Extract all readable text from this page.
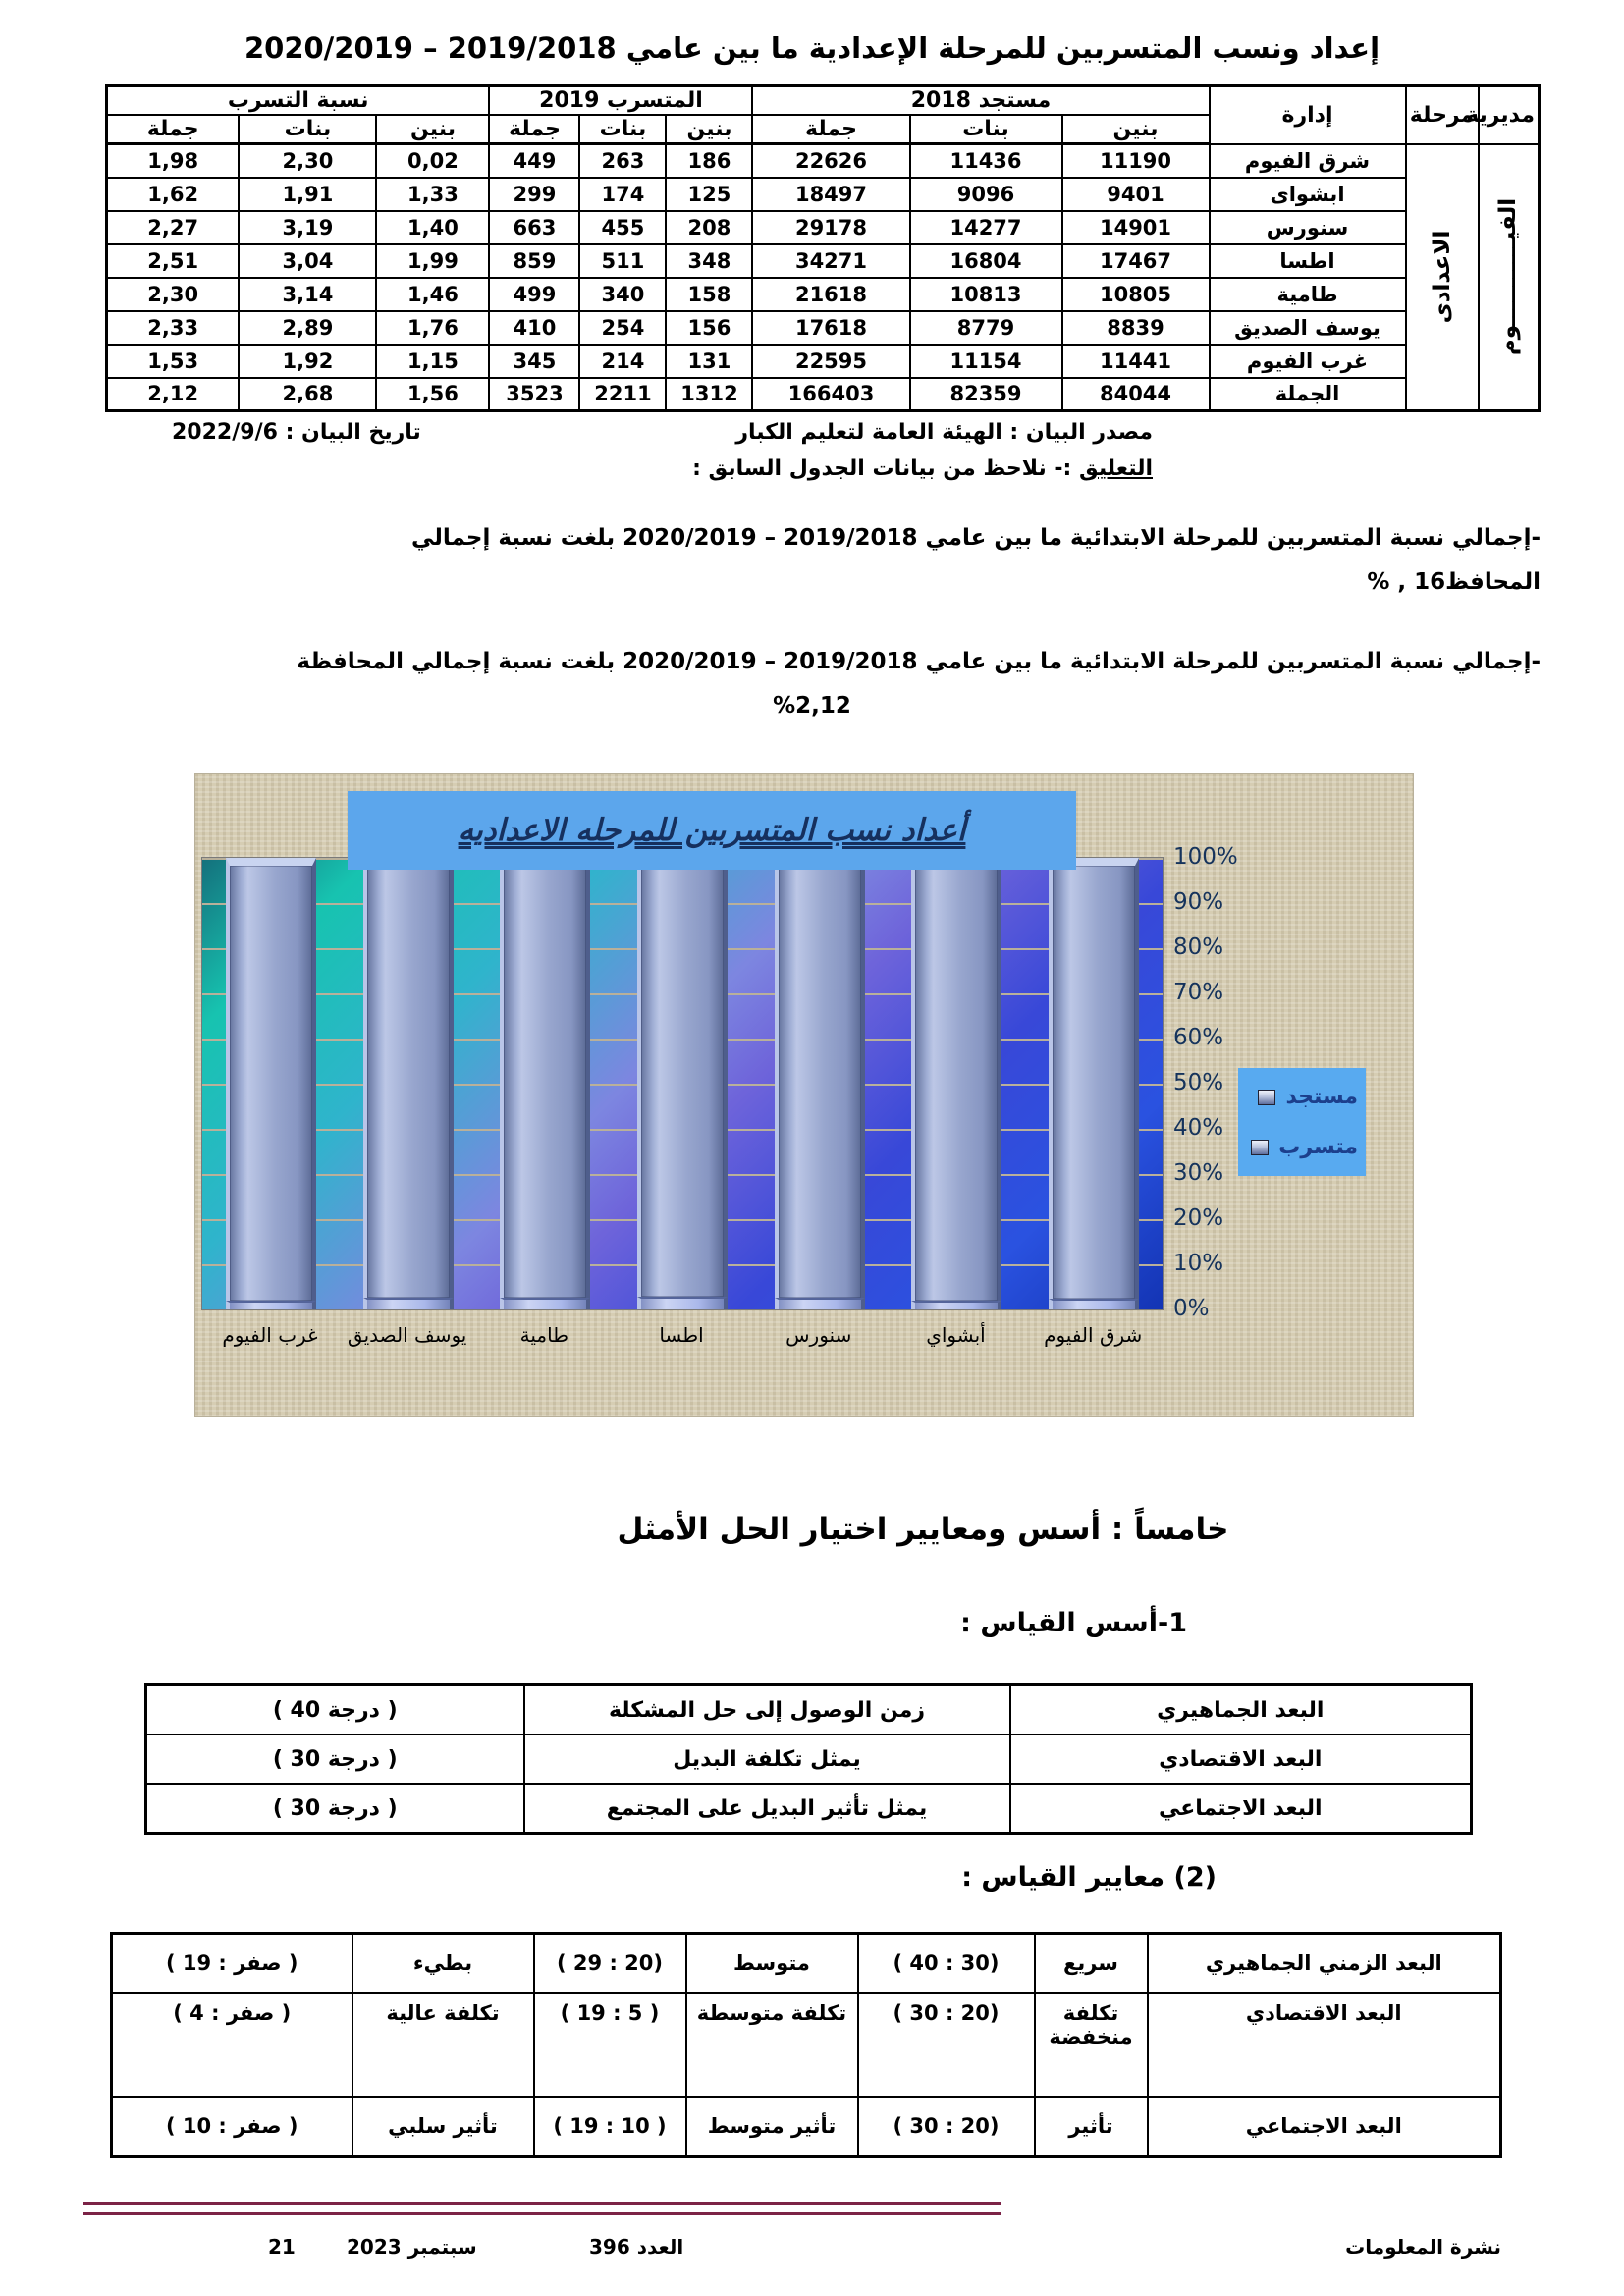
إعداد ونسب المتسربين للمرحلة الإعدادية ما بين عامي 2019/2018 – 2020/2019
مديرية	مرحلة	إدارة	مستجد 2018			المتسرب 2019			نسبة التسرب		
			بنين	بنات	جملة	بنين	بنات	جملة	بنين	بنات	جملة

الفيـــــــــــوم	الاعدادى	شرق الفيوم	11190	11436	22626	186	263	449	0,02	2,30	1,98
		ابشواى	9401	9096	18497	125	174	299	1,33	1,91	1,62
		سنورس	14901	14277	29178	208	455	663	1,40	3,19	2,27
		اطسا	17467	16804	34271	348	511	859	1,99	3,04	2,51
		طامية	10805	10813	21618	158	340	499	1,46	3,14	2,30
		يوسف الصديق	8839	8779	17618	156	254	410	1,76	2,89	2,33
		غرب الفيوم	11441	11154	22595	131	214	345	1,15	1,92	1,53
		الجملة	84044	82359	166403	1312	2211	3523	1,56	2,68	2,12
مصدر البيان : الهيئة العامة لتعليم الكبار
تاريخ البيان : 2022/9/6
التعليق :- نلاحظ من بيانات الجدول السابق :
-إجمالي نسبة المتسربين للمرحلة الابتدائية ما بين عامي 2019/2018 – 2020/2019 بلغت نسبة إجمالي
المحافظ16 , %
-إجمالي نسبة المتسربين للمرحلة الابتدائية ما بين عامي 2019/2018 – 2020/2019 بلغت نسبة إجمالي المحافظة
%2,12
أعداد نسب المتسربين للمرحله الاعداديه
100%
90%
80%
70%
60%
50%
40%
30%
20%
10%
0%
مستجد
متسرب
شرق الفيوم
أبشواي
سنورس
اطسا
طامية
يوسف الصديق
غرب الفيوم
خامساً : أسس ومعايير اختيار الحل الأمثل
1-أسس القياس :
البعد الجماهيري	زمن الوصول إلى حل المشكلة	( 40 درجة )
البعد الاقتصادي	يمثل تكلفة البديل	( 30 درجة )
البعد الاجتماعي	يمثل تأثير البديل على المجتمع	( 30 درجة )
(2) معايير القياس :
البعد الزمني الجماهيري	سريع	( 40 : 30)	متوسط	( 29 : 20)	بطيء	( 19 : صفر )
البعد الاقتصادي	تكلفة منخفضة	( 30 : 20)	تكلفة متوسطة	( 19 : 5 )	تكلفة عالية	( 4 : صفر )
البعد الاجتماعي	تأثير	( 30 : 20)	تأثير متوسط	( 19 : 10 )	تأثير سلبي	( 10 : صفر )
نشرة المعلومات
العدد 396
سبتمبر 2023
21
